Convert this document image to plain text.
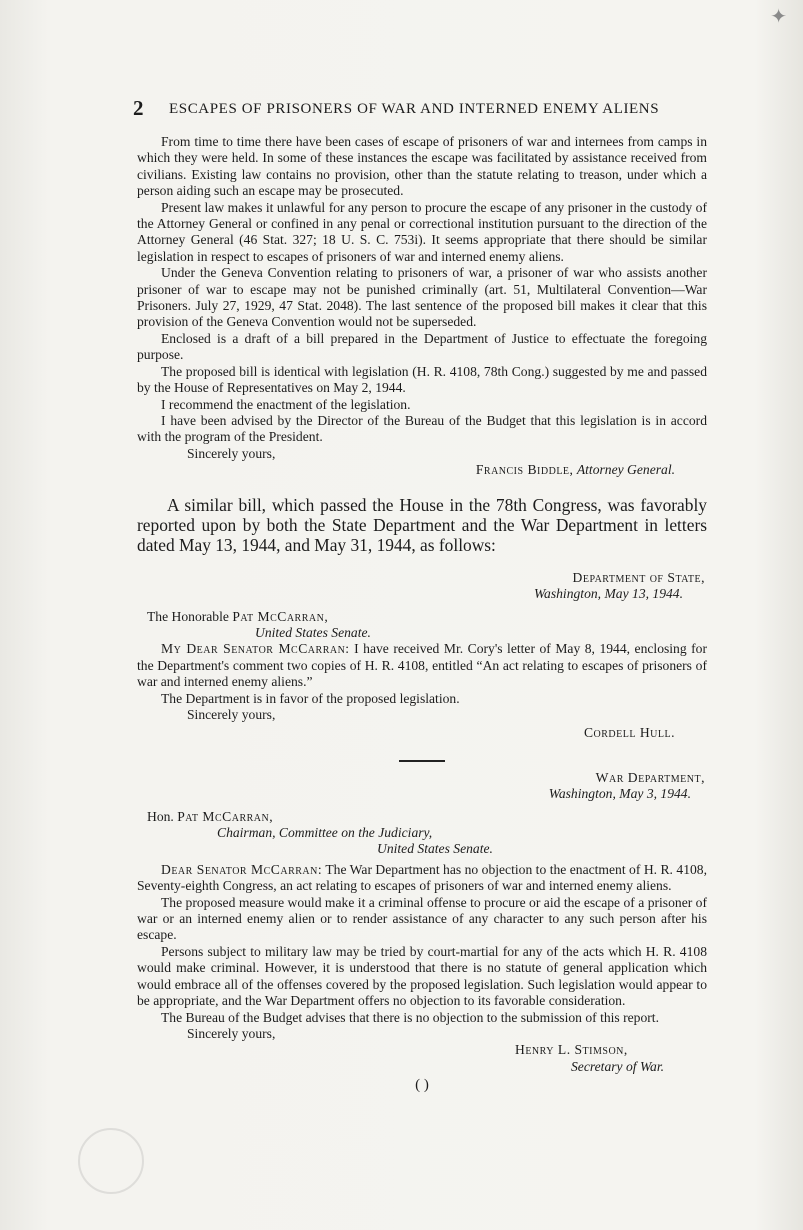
✦
2 ESCAPES OF PRISONERS OF WAR AND INTERNED ENEMY ALIENS

From time to time there have been cases of escape of prisoners of war and internees from camps in which they were held. In some of these instances the escape was facilitated by assistance received from civilians. Existing law contains no provision, other than the statute relating to treason, under which a person aiding such an escape may be prosecuted.

Present law makes it unlawful for any person to procure the escape of any prisoner in the custody of the Attorney General or confined in any penal or correctional institution pursuant to the direction of the Attorney General (46 Stat. 327; 18 U. S. C. 753i). It seems appropriate that there should be similar legislation in respect to escapes of prisoners of war and interned enemy aliens.

Under the Geneva Convention relating to prisoners of war, a prisoner of war who assists another prisoner of war to escape may not be punished criminally (art. 51, Multilateral Convention—War Prisoners. July 27, 1929, 47 Stat. 2048). The last sentence of the proposed bill makes it clear that this provision of the Geneva Convention would not be superseded.

Enclosed is a draft of a bill prepared in the Department of Justice to effectuate the foregoing purpose.

The proposed bill is identical with legislation (H. R. 4108, 78th Cong.) suggested by me and passed by the House of Representatives on May 2, 1944.

I recommend the enactment of the legislation.

I have been advised by the Director of the Bureau of the Budget that this legislation is in accord with the program of the President.

Sincerely yours,
Francis Biddle, Attorney General.

A similar bill, which passed the House in the 78th Congress, was favorably reported upon by both the State Department and the War Department in letters dated May 13, 1944, and May 31, 1944, as follows:

Department of State,
Washington, May 13, 1944.
The Honorable Pat McCarran,
United States Senate.

My Dear Senator McCarran: I have received Mr. Cory's letter of May 8, 1944, enclosing for the Department's comment two copies of H. R. 4108, entitled “An act relating to escapes of prisoners of war and interned enemy aliens.”

The Department is in favor of the proposed legislation.

Sincerely yours,
Cordell Hull.
War Department,
Washington, May 3, 1944.
Hon. Pat McCarran,
Chairman, Committee on the Judiciary,
United States Senate.

Dear Senator McCarran: The War Department has no objection to the enactment of H. R. 4108, Seventy-eighth Congress, an act relating to escapes of prisoners of war and interned enemy aliens.

The proposed measure would make it a criminal offense to procure or aid the escape of a prisoner of war or an interned enemy alien or to render assistance of any character to any such person after his escape.

Persons subject to military law may be tried by court-martial for any of the acts which H. R. 4108 would make criminal. However, it is understood that there is no statute of general application which would embrace all of the offenses covered by the proposed legislation. Such legislation would appear to be appropriate, and the War Department offers no objection to its favorable consideration.

The Bureau of the Budget advises that there is no objection to the submission of this report.

Sincerely yours,
Henry L. Stimson,
Secretary of War.
( )
